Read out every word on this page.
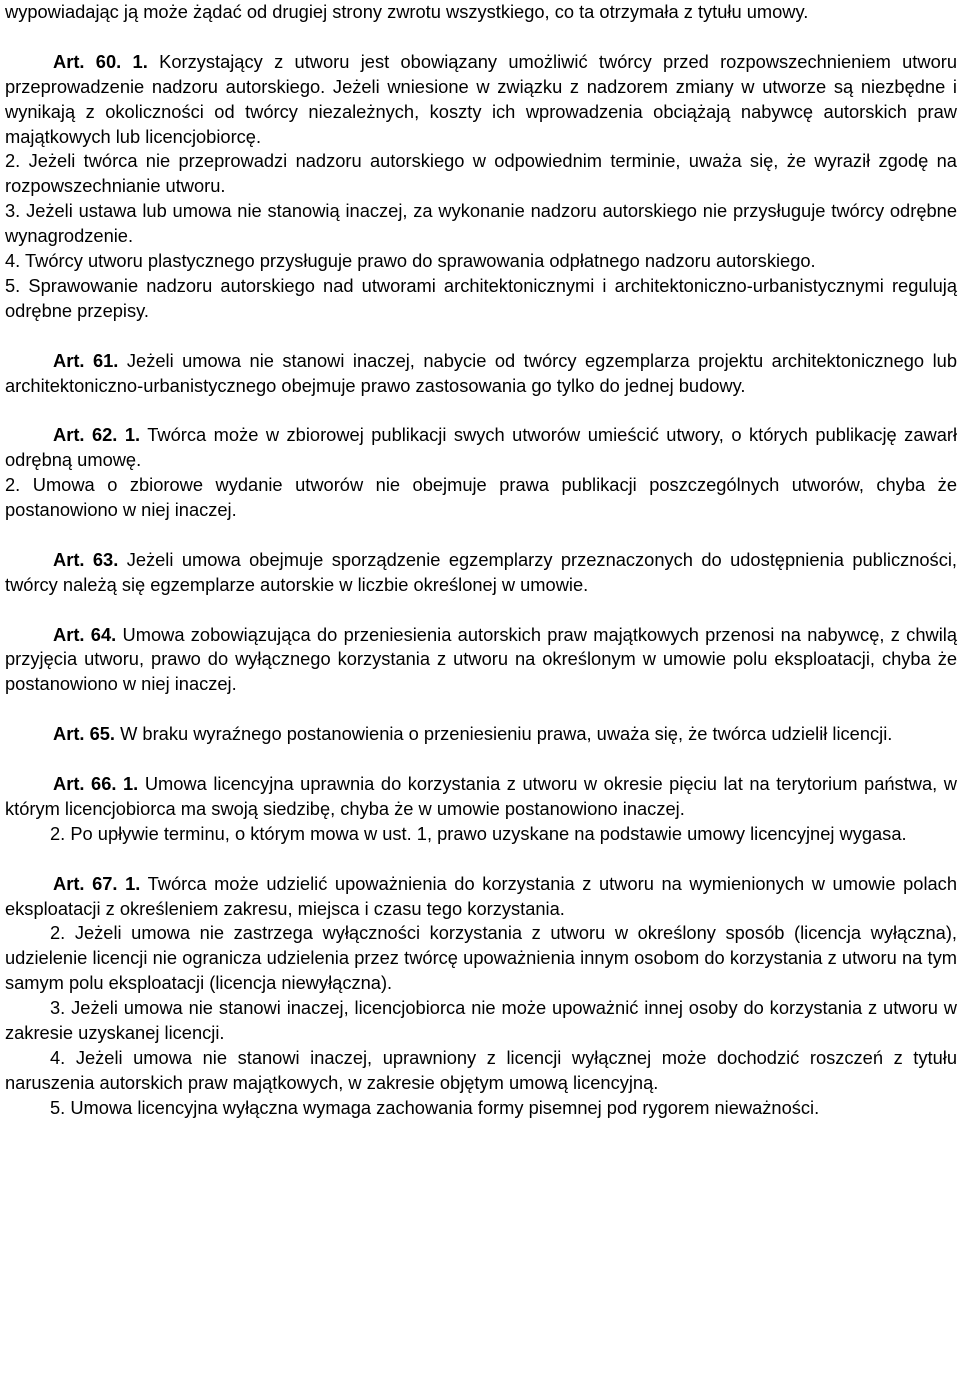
wypowiadając ją może żądać od drugiej strony zwrotu wszystkiego, co ta otrzymała z tytułu umowy.

Art. 60. 1. Korzystający z utworu jest obowiązany umożliwić twórcy przed rozpowszechnieniem utworu przeprowadzenie nadzoru autorskiego. Jeżeli wniesione w związku z nadzorem zmiany w utworze są niezbędne i wynikają z okoliczności od twórcy niezależnych, koszty ich wprowadzenia obciążają nabywcę autorskich praw majątkowych lub licencjobiorcę.

2. Jeżeli twórca nie przeprowadzi nadzoru autorskiego w odpowiednim terminie, uważa się, że wyraził zgodę na rozpowszechnianie utworu.

3. Jeżeli ustawa lub umowa nie stanowią inaczej, za wykonanie nadzoru autorskiego nie przysługuje twórcy odrębne wynagrodzenie.

4. Twórcy utworu plastycznego przysługuje prawo do sprawowania odpłatnego nadzoru autorskiego.

5. Sprawowanie nadzoru autorskiego nad utworami architektonicznymi i architektoniczno-urbanistycznymi regulują odrębne przepisy.

Art. 61. Jeżeli umowa nie stanowi inaczej, nabycie od twórcy egzemplarza projektu architektonicznego lub architektoniczno-urbanistycznego obejmuje prawo zastosowania go tylko do jednej budowy.

Art. 62. 1. Twórca może w zbiorowej publikacji swych utworów umieścić utwory, o których publikację zawarł odrębną umowę.

2. Umowa o zbiorowe wydanie utworów nie obejmuje prawa publikacji poszczególnych utworów, chyba że postanowiono w niej inaczej.

Art. 63. Jeżeli umowa obejmuje sporządzenie egzemplarzy przeznaczonych do udostępnienia publiczności, twórcy należą się egzemplarze autorskie w liczbie określonej w umowie.

Art. 64. Umowa zobowiązująca do przeniesienia autorskich praw majątkowych przenosi na nabywcę, z chwilą przyjęcia utworu, prawo do wyłącznego korzystania z utworu na określonym w umowie polu eksploatacji, chyba że postanowiono w niej inaczej.

Art. 65. W braku wyraźnego postanowienia o przeniesieniu prawa, uważa się, że twórca udzielił licencji.

Art. 66. 1. Umowa licencyjna uprawnia do korzystania z utworu w okresie pięciu lat na terytorium państwa, w którym licencjobiorca ma swoją siedzibę, chyba że w umowie postanowiono inaczej.

2. Po upływie terminu, o którym mowa w ust. 1, prawo uzyskane na podstawie umowy licencyjnej wygasa.

Art. 67. 1. Twórca może udzielić upoważnienia do korzystania z utworu na wymienionych w umowie polach eksploatacji z określeniem zakresu, miejsca i czasu tego korzystania.

2. Jeżeli umowa nie zastrzega wyłączności korzystania z utworu w określony sposób (licencja wyłączna), udzielenie licencji nie ogranicza udzielenia przez twórcę upoważnienia innym osobom do korzystania z utworu na tym samym polu eksploatacji (licencja niewyłączna).

3. Jeżeli umowa nie stanowi inaczej, licencjobiorca nie może upoważnić innej osoby do korzystania z utworu w zakresie uzyskanej licencji.

4. Jeżeli umowa nie stanowi inaczej, uprawniony z licencji wyłącznej może dochodzić roszczeń z tytułu naruszenia autorskich praw majątkowych, w zakresie objętym umową licencyjną.

5. Umowa licencyjna wyłączna wymaga zachowania formy pisemnej pod rygorem nieważności.
